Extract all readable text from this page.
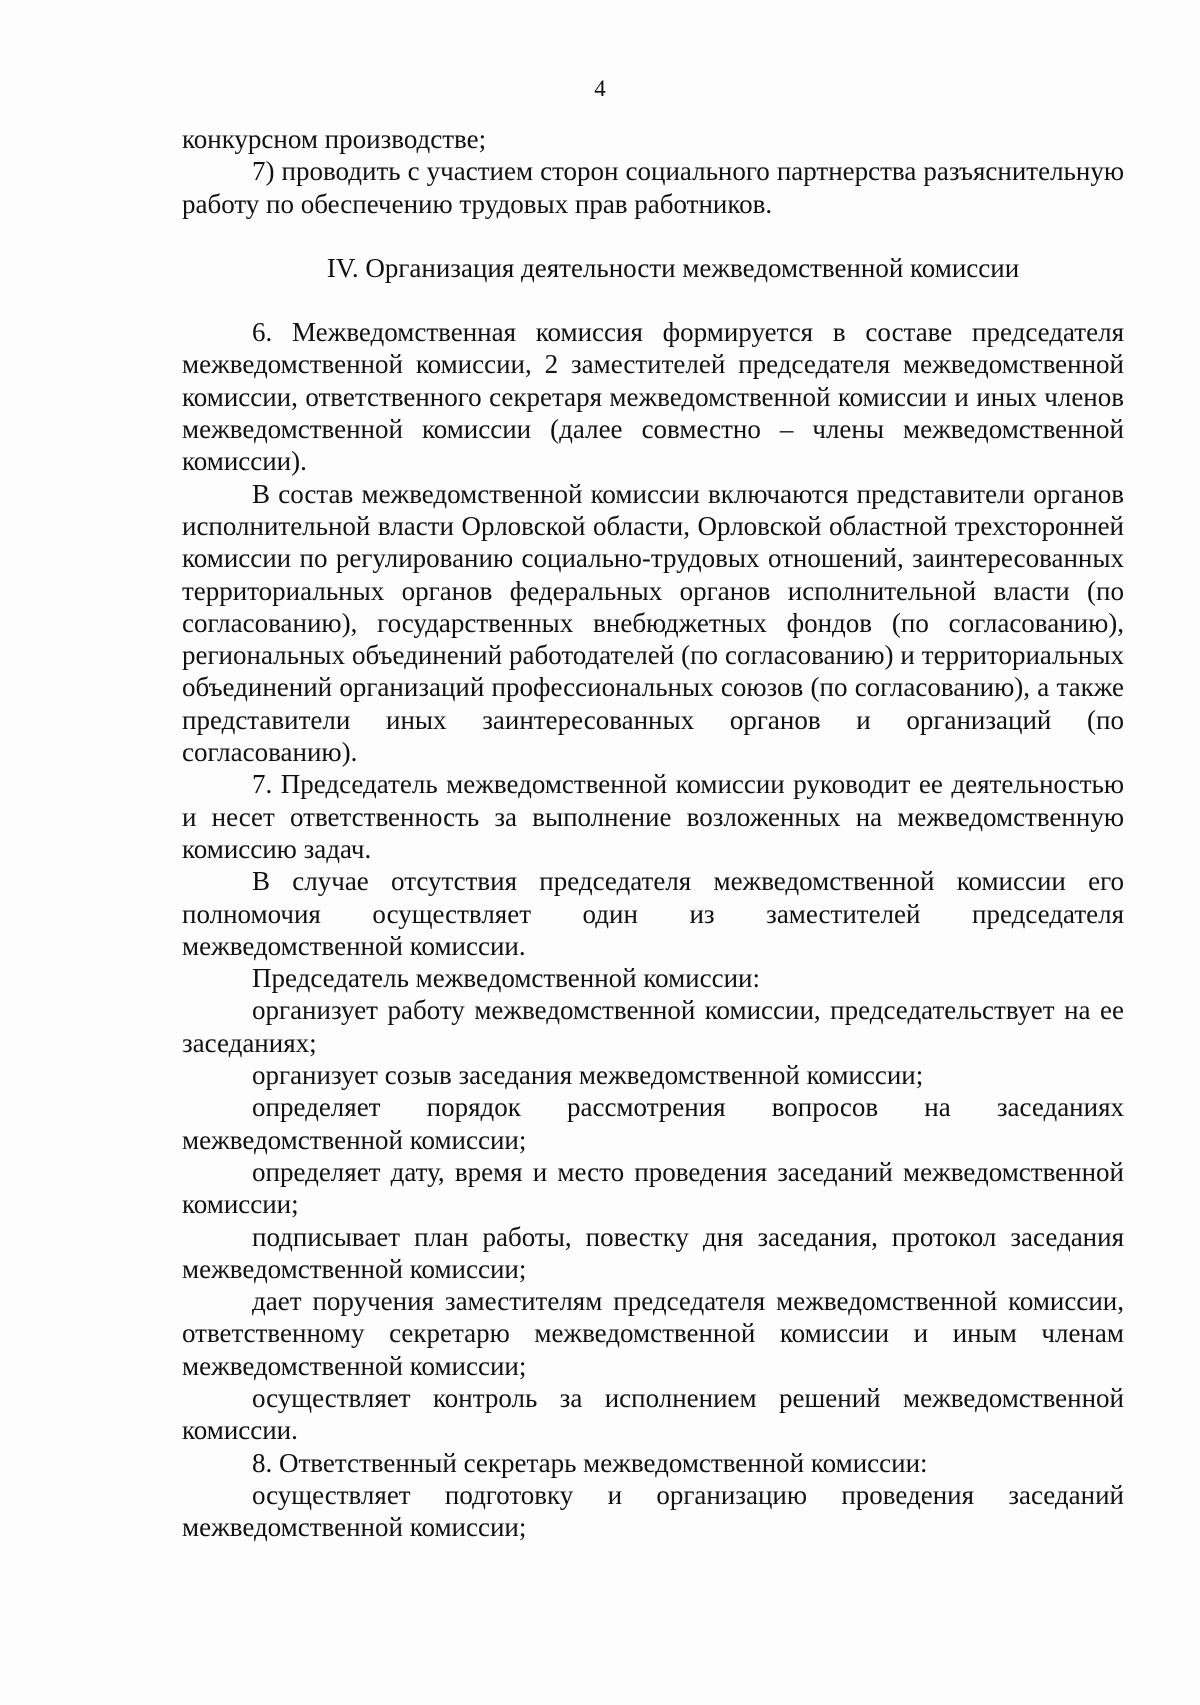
4

конкурсном производстве;

7) проводить с участием сторон социального партнерства разъяснительную работу по обеспечению трудовых прав работников.

IV. Организация деятельности межведомственной комиссии

6. Межведомственная комиссия формируется в составе председателя межведомственной комиссии, 2 заместителей председателя межведомственной комиссии, ответственного секретаря межведомственной комиссии и иных членов межведомственной комиссии (далее совместно – члены межведомственной комиссии).

В состав межведомственной комиссии включаются представители органов исполнительной власти Орловской области, Орловской областной трехсторонней комиссии по регулированию социально-трудовых отношений, заинтересованных территориальных органов федеральных органов исполнительной власти (по согласованию), государственных внебюджетных фондов (по согласованию), региональных объединений работодателей (по согласованию) и территориальных объединений организаций профессиональных союзов (по согласованию), а также представители иных заинтересованных органов и организаций (по согласованию).

7. Председатель межведомственной комиссии руководит ее деятельностью и несет ответственность за выполнение возложенных на межведомственную комиссию задач.

В случае отсутствия председателя межведомственной комиссии его полномочия осуществляет один из заместителей председателя межведомственной комиссии.

Председатель межведомственной комиссии:

организует работу межведомственной комиссии, председательствует на ее заседаниях;

организует созыв заседания межведомственной комиссии;

определяет порядок рассмотрения вопросов на заседаниях межведомственной комиссии;

определяет дату, время и место проведения заседаний межведомственной комиссии;

подписывает план работы, повестку дня заседания, протокол заседания межведомственной комиссии;

дает поручения заместителям председателя межведомственной комиссии, ответственному секретарю межведомственной комиссии и иным членам межведомственной комиссии;

осуществляет контроль за исполнением решений межведомственной комиссии.

8. Ответственный секретарь межведомственной комиссии:

осуществляет подготовку и организацию проведения заседаний межведомственной комиссии;
